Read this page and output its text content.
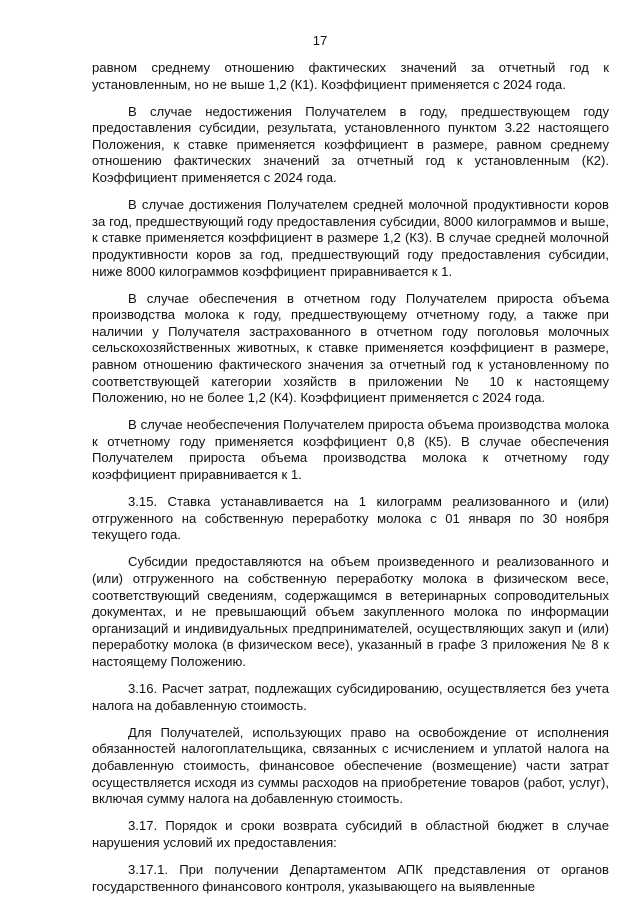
17

равном среднему отношению фактических значений за отчетный год к установленным, но не выше 1,2 (К1). Коэффициент применяется с 2024 года.

В случае недостижения Получателем в году, предшествующем году предоставления субсидии, результата, установленного пунктом 3.22 настоящего Положения, к ставке применяется коэффициент в размере, равном среднему отношению фактических значений за отчетный год к установленным (К2). Коэффициент применяется с 2024 года.

В случае достижения Получателем средней молочной продуктивности коров за год, предшествующий году предоставления субсидии, 8000 килограммов и выше, к ставке применяется коэффициент в размере 1,2 (К3). В случае средней молочной продуктивности коров за год, предшествующий году предоставления субсидии, ниже 8000 килограммов коэффициент приравнивается к 1.

В случае обеспечения в отчетном году Получателем прироста объема производства молока к году, предшествующему отчетному году, а также при наличии у Получателя застрахованного в отчетном году поголовья молочных сельскохозяйственных животных, к ставке применяется коэффициент в размере, равном отношению фактического значения за отчетный год к установленному по соответствующей категории хозяйств в приложении № 10 к настоящему Положению, но не более 1,2 (К4). Коэффициент применяется с 2024 года.

В случае необеспечения Получателем прироста объема производства молока к отчетному году применяется коэффициент 0,8 (К5). В случае обеспечения Получателем прироста объема производства молока к отчетному году коэффициент приравнивается к 1.

3.15. Ставка устанавливается на 1 килограмм реализованного и (или) отгруженного на собственную переработку молока с 01 января по 30 ноября текущего года.

Субсидии предоставляются на объем произведенного и реализованного и (или) отгруженного на собственную переработку молока в физическом весе, соответствующий сведениям, содержащимся в ветеринарных сопроводительных документах, и не превышающий объем закупленного молока по информации организаций и индивидуальных предпринимателей, осуществляющих закуп и (или) переработку молока (в физическом весе), указанный в графе 3 приложения № 8 к настоящему Положению.

3.16. Расчет затрат, подлежащих субсидированию, осуществляется без учета налога на добавленную стоимость.

Для Получателей, использующих право на освобождение от исполнения обязанностей налогоплательщика, связанных с исчислением и уплатой налога на добавленную стоимость, финансовое обеспечение (возмещение) части затрат осуществляется исходя из суммы расходов на приобретение товаров (работ, услуг), включая сумму налога на добавленную стоимость.

3.17. Порядок и сроки возврата субсидий в областной бюджет в случае нарушения условий их предоставления:

3.17.1. При получении Департаментом АПК представления от органов государственного финансового контроля, указывающего на выявленные
